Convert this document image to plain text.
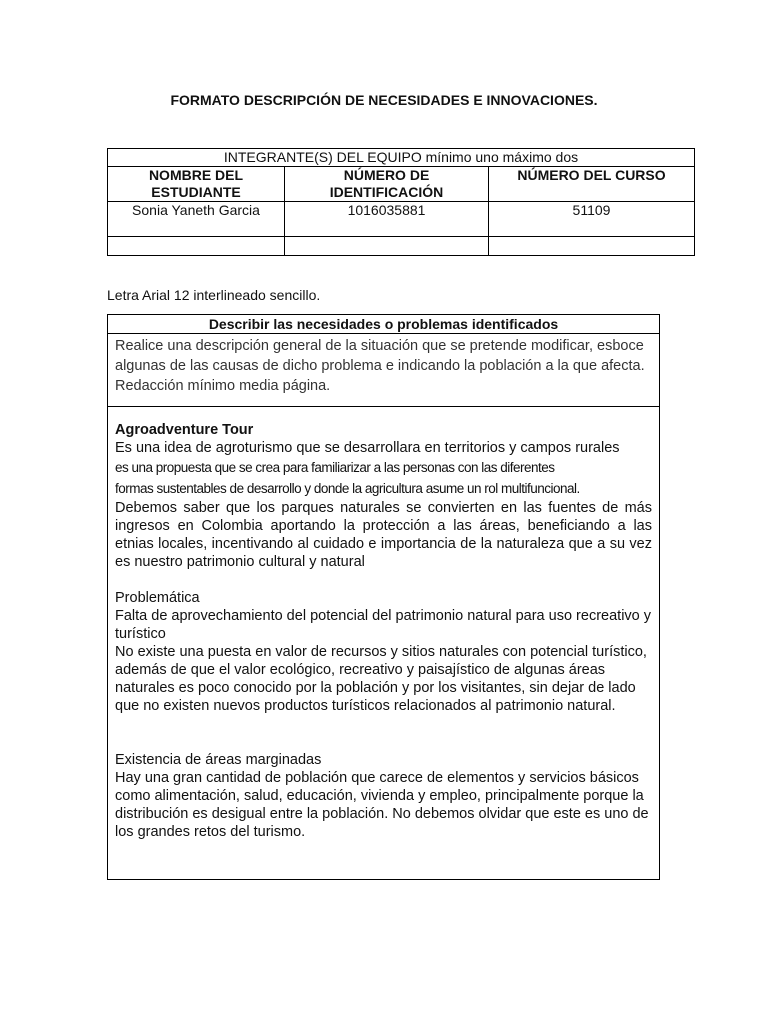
FORMATO DESCRIPCIÓN DE NECESIDADES E INNOVACIONES.
INTEGRANTE(S) DEL EQUIPO mínimo uno máximo dos		
NOMBRE DEL ESTUDIANTE	NÚMERO DE IDENTIFICACIÓN	NÚMERO DEL CURSO
Sonia Yaneth Garcia	1016035881	51109

Letra Arial 12 interlineado sencillo.
Describir las necesidades o problemas identificados
Realice una descripción general de la situación que se pretende modificar, esboce algunas de las causas de dicho problema e indicando la población a la que afecta. Redacción mínimo media página.

Agroadventure Tour

Es una idea de agroturismo que se desarrollara en territorios y campos rurales

es una propuesta que se crea para familiarizar a las personas con las diferentes

formas sustentables de desarrollo y donde la agricultura asume un rol multifuncional.

Debemos saber que los parques naturales se convierten en las fuentes de más ingresos en Colombia aportando la protección a las áreas, beneficiando a las etnias locales, incentivando al cuidado e importancia de la naturaleza que a su vez es nuestro patrimonio cultural y natural

Problemática

Falta de aprovechamiento del potencial del patrimonio natural para uso recreativo y turístico

No existe una puesta en valor de recursos y sitios naturales con potencial turístico, además de que el valor ecológico, recreativo y paisajístico de algunas áreas naturales es poco conocido por la población y por los visitantes, sin dejar de lado que no existen nuevos productos turísticos relacionados al patrimonio natural.

Existencia de áreas marginadas

Hay una gran cantidad de población que carece de elementos y servicios básicos como alimentación, salud, educación, vivienda y empleo, principalmente porque la distribución es desigual entre la población. No debemos olvidar que este es uno de los grandes retos del turismo.
